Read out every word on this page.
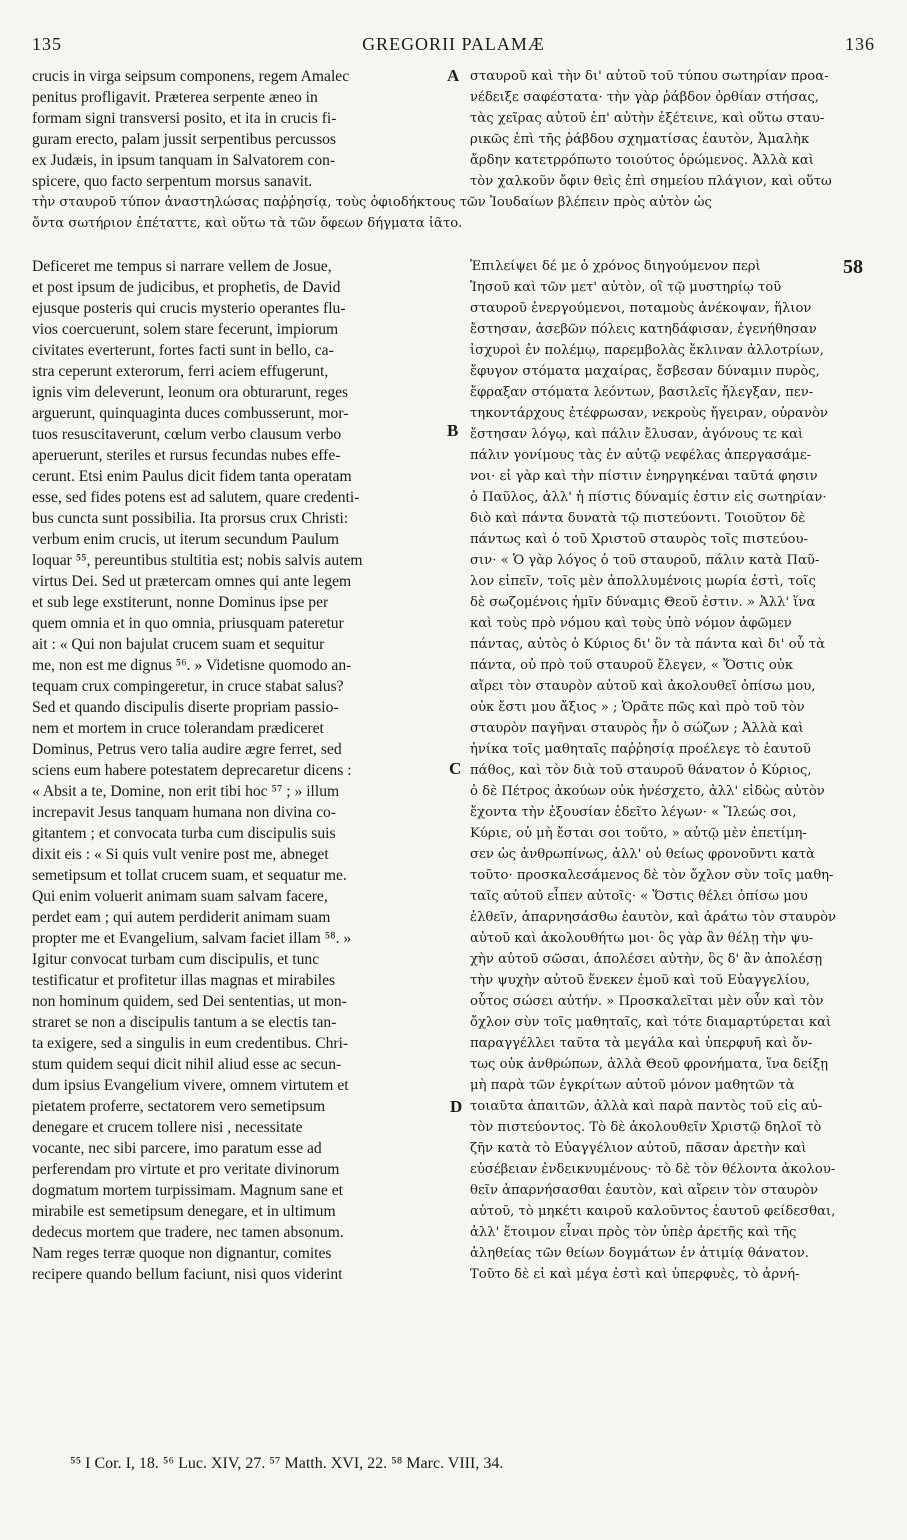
135	GREGORII PALAMÆ	136
crucis in virga seipsum componens, regem Amalec
penitus profligavit. Præterea serpente æneo in
formam signi transversi posito, et ita in crucis fi-
guram erecto, palam jussit serpentibus percussos
ex Judæis, in ipsum tanquam in Salvatorem con-
spicere, quo facto serpentum morsus sanavit.
σταυροῦ καὶ τὴν δι' αὐτοῦ τοῦ τύπου σωτηρίαν προα-
νέδειξε σαφέστατα· τὴν γὰρ ῥάβδον ὀρθίαν στήσας,
τὰς χεῖρας αὐτοῦ ἐπ' αὐτὴν ἐξέτεινε, καὶ οὕτω σταυ-
ρικῶς ἐπὶ τῆς ῥάβδου σχηματίσας ἑαυτὸν, Ἀμαλὴκ
ἄρδην κατετρρόπωτο τοιούτος ὁρώμενος. Ἀλλὰ καὶ
τὸν χαλκοῦν ὄφιν θεὶς ἐπὶ σημείου πλάγιον, καὶ οὕτω
τὴν σταυροῦ τύπον ἀναστηλώσας παῤῥησίᾳ, τοὺς ὀφιοδήκτους τῶν Ἰουδαίων βλέπειν πρὸς αὐτὸν ὡς
ὄντα σωτήριον ἐπέταττε, καὶ οὕτω τὰ τῶν ὄφεων δήγματα ἰᾶτο.
Deficeret me tempus si narrare vellem de Josue,
et post ipsum de judicibus, et prophetis, de David
ejusque posteris qui crucis mysterio operantes flu-
vios coercuerunt, solem stare fecerunt, impiorum
civitates everterunt, fortes facti sunt in bello, ca-
stra ceperunt exterorum, ferri aciem effugerunt,
ignis vim deleverunt, leonum ora obturarunt, reges
arguerunt, quinquaginta duces combusserunt, mor-
tuos resuscitaverunt, cœlum verbo clausum verbo
aperuerunt, steriles et rursus fecundas nubes effe-
cerunt. Etsi enim Paulus dicit fidem tanta operatam
esse, sed fides potens est ad salutem, quare credenti-
bus cuncta sunt possibilia. Ita prorsus crux Christi:
verbum enim crucis, ut iterum secundum Paulum
loquar ⁵⁵, pereuntibus stultitia est; nobis salvis autem
virtus Dei. Sed ut prætercam omnes qui ante legem
et sub lege exstiterunt, nonne Dominus ipse per
quem omnia et in quo omnia, priusquam pateretur
ait : « Qui non bajulat crucem suam et sequitur
me, non est me dignus ⁵⁶. » Videtisne quomodo an-
tequam crux compingeretur, in cruce stabat salus?
Sed et quando discipulis diserte propriam passio-
nem et mortem in cruce tolerandam prædiceret
Dominus, Petrus vero talia audire ægre ferret, sed
sciens eum habere potestatem deprecaretur dicens :
« Absit a te, Domine, non erit tibi hoc ⁵⁷ ; » illum
increpavit Jesus tanquam humana non divina co-
gitantem ; et convocata turba cum discipulis suis
dixit eis : « Si quis vult venire post me, abneget
semetipsum et tollat crucem suam, et sequatur me.
Qui enim voluerit animam suam salvam facere,
perdet eam ; qui autem perdiderit animam suam
propter me et Evangelium, salvam faciet illam ⁵⁸. »
Igitur convocat turbam cum discipulis, et tunc
testificatur et profitetur illas magnas et mirabiles
non hominum quidem, sed Dei sententias, ut mon-
straret se non a discipulis tantum a se electis tan-
ta exigere, sed a singulis in eum credentibus. Chri-
stum quidem sequi dicit nihil aliud esse ac secun-
dum ipsius Evangelium vivere, omnem virtutem et
pietatem proferre, sectatorem vero semetipsum
denegare et crucem tollere nisi , necessitate
vocante, nec sibi parcere, imo paratum esse ad
perferendam pro virtute et pro veritate divinorum
dogmatum mortem turpissimam. Magnum sane et
mirabile est semetipsum denegare, et in ultimum
dedecus mortem que tradere, nec tamen absonum.
Nam reges terræ quoque non dignantur, comites
recipere quando bellum faciunt, nisi quos viderint
Ἐπιλείψει δέ με ὁ χρόνος διηγούμενον περὶ
Ἰησοῦ καὶ τῶν μετ' αὐτὸν, οἳ τῷ μυστηρίῳ τοῦ
σταυροῦ ἐνεργούμενοι, ποταμοὺς ἀνέκοψαν, ἥλιον
ἔστησαν, ἀσεβῶν πόλεις κατηδάφισαν, ἐγενήθησαν
ἰσχυροὶ ἐν πολέμῳ, παρεμβολὰς ἔκλιναν ἀλλοτρίων,
ἔφυγον στόματα μαχαίρας, ἔσβεσαν δύναμιν πυρὸς,
ἔφραξαν στόματα λεόντων, βασιλεῖς ἤλεγξαν, πεν-
τηκοντάρχους ἐτέφρωσαν, νεκροὺς ἤγειραν, οὐρανὸν
ἔστησαν λόγῳ, καὶ πάλιν ἔλυσαν, ἀγόνους τε καὶ
πάλιν γονίμους τὰς ἐν αὐτῷ νεφέλας ἀπεργασάμε-
νοι· εἰ γὰρ καὶ τὴν πίστιν ἐνηργηκέναι ταῦτά φησιν
ὁ Παῦλος, ἀλλ' ἡ πίστις δύναμίς ἐστιν εἰς σωτηρίαν·
διὸ καὶ πάντα δυνατὰ τῷ πιστεύοντι. Τοιοῦτον δὲ
πάντως καὶ ὁ τοῦ Χριστοῦ σταυρὸς τοῖς πιστεύου-
σιν· « Ὁ γὰρ λόγος ὁ τοῦ σταυροῦ, πάλιν κατὰ Παῦ-
λον εἰπεῖν, τοῖς μὲν ἀπολλυμένοις μωρία ἐστὶ, τοῖς
δὲ σωζομένοις ἡμῖν δύναμις Θεοῦ ἐστιν. » Ἀλλ' ἵνα
καὶ τοὺς πρὸ νόμου καὶ τοὺς ὑπὸ νόμον ἀφῶμεν
πάντας, αὐτὸς ὁ Κύριος δι' ὃν τὰ πάντα καὶ δι' οὗ τὰ
πάντα, οὐ πρὸ τοῦ σταυροῦ ἔλεγεν, « Ὅστις οὐκ
αἴρει τὸν σταυρὸν αὐτοῦ καὶ ἀκολουθεῖ ὀπίσω μου,
οὐκ ἔστι μου ἄξιος » ; Ὁρᾶτε πῶς καὶ πρὸ τοῦ τὸν
σταυρὸν παγῆναι σταυρὸς ἦν ὁ σώζων ; Ἀλλὰ καὶ
ἡνίκα τοῖς μαθηταῖς παῤῥησίᾳ προέλεγε τὸ ἑαυτοῦ
πάθος, καὶ τὸν διὰ τοῦ σταυροῦ θάνατον ὁ Κύριος,
ὁ δὲ Πέτρος ἀκούων οὐκ ἠνέσχετο, ἀλλ' εἰδὼς αὐτὸν
ἔχοντα τὴν ἐξουσίαν ἐδεῖτο λέγων· « Ἵλεώς σοι,
Κύριε, οὐ μὴ ἔσται σοι τοῦτο, » αὐτῷ μὲν ἐπετίμη-
σεν ὡς ἀνθρωπίνως, ἀλλ' οὐ θείως φρονοῦντι κατὰ
τοῦτο· προσκαλεσάμενος δὲ τὸν ὄχλον σὺν τοῖς μαθη-
ταῖς αὐτοῦ εἶπεν αὐτοῖς· « Ὅστις θέλει ὀπίσω μου
ἐλθεῖν, ἀπαρνησάσθω ἑαυτὸν, καὶ ἀράτω τὸν σταυρὸν
αὐτοῦ καὶ ἀκολουθήτω μοι· ὃς γὰρ ἂν θέλῃ τὴν ψυ-
χὴν αὐτοῦ σῶσαι, ἀπολέσει αὐτὴν, ὃς δ' ἂν ἀπολέσῃ
τὴν ψυχὴν αὐτοῦ ἕνεκεν ἐμοῦ καὶ τοῦ Εὐαγγελίου,
οὗτος σώσει αὐτήν. » Προσκαλεῖται μὲν οὖν καὶ τὸν
ὄχλον σὺν τοῖς μαθηταῖς, καὶ τότε διαμαρτύρεται καὶ
παραγγέλλει ταῦτα τὰ μεγάλα καὶ ὑπερφυῆ καὶ ὄν-
τως οὐκ ἀνθρώπων, ἀλλὰ Θεοῦ φρονήματα, ἵνα δείξῃ
μὴ παρὰ τῶν ἐγκρίτων αὐτοῦ μόνον μαθητῶν τὰ
τοιαῦτα ἀπαιτῶν, ἀλλὰ καὶ παρὰ παντὸς τοῦ εἰς αὐ-
τὸν πιστεύοντος. Τὸ δὲ ἀκολουθεῖν Χριστῷ δηλοῖ τὸ
ζῆν κατὰ τὸ Εὐαγγέλιον αὐτοῦ, πᾶσαν ἀρετὴν καὶ
εὐσέβειαν ἐνδεικνυμένους· τὸ δὲ τὸν θέλοντα ἀκολου-
θεῖν ἀπαρνήσασθαι ἑαυτὸν, καὶ αἴρειν τὸν σταυρὸν
αὐτοῦ, τὸ μηκέτι καιροῦ καλοῦντος ἑαυτοῦ φείδεσθαι,
ἀλλ' ἕτοιμον εἶναι πρὸς τὸν ὑπὲρ ἀρετῆς καὶ τῆς
ἀληθείας τῶν θείων δογμάτων ἐν ἀτιμίᾳ θάνατον.
Τοῦτο δὲ εἰ καὶ μέγα ἐστὶ καὶ ὑπερφυὲς, τὸ ἀρνή-
A
B
C
D
58
⁵⁵ I Cor. I, 18. ⁵⁶ Luc. XIV, 27. ⁵⁷ Matth. XVI, 22. ⁵⁸ Marc. VIII, 34.
